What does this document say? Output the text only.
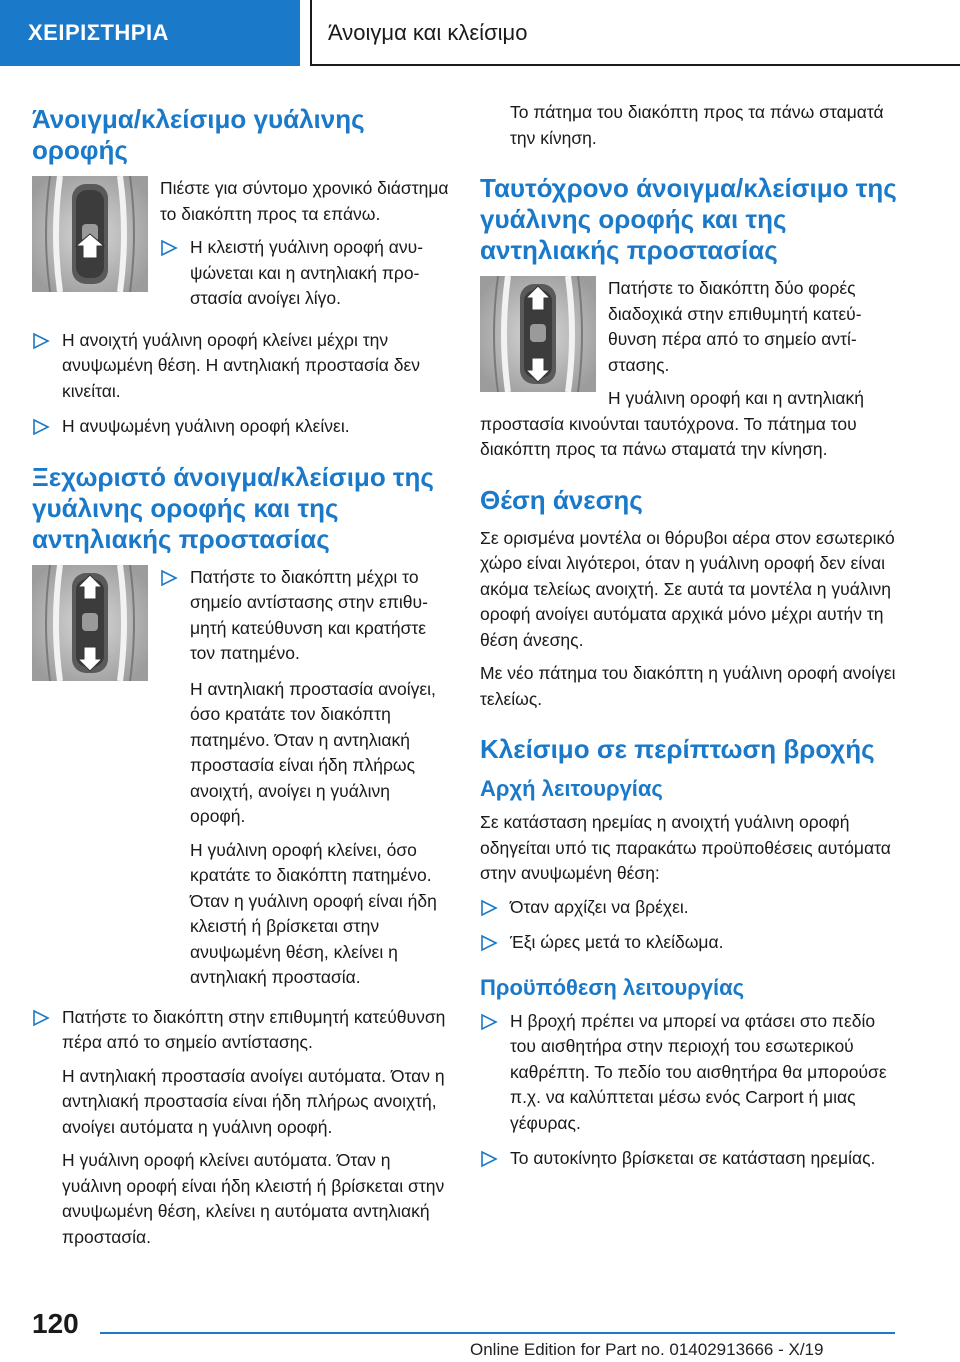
ΧΕΙΡΙΣΤΗΡΙΑ	Άνοιγμα και κλείσιμο
Άνοιγμα/κλείσιμο γυάλινης οροφής

Πιέστε για σύντομο χρονικό διάστημα το διακόπτη προς τα επάνω.

Η κλειστή γυάλινη οροφή ανυψώνεται και η αντηλιακή προστασία ανοίγει λίγο.

Η ανοιχτή γυάλινη οροφή κλείνει μέχρι την ανυψωμένη θέση. Η αντηλιακή προστασία δεν κινείται.

Η ανυψωμένη γυάλινη οροφή κλείνει.

Ξεχωριστό άνοιγμα/κλείσιμο της γυάλινης οροφής και της αντηλιακής προστασίας

Πατήστε το διακόπτη μέχρι το σημείο αντίστασης στην επιθυμητή κατεύθυνση και κρατήστε τον πατημένο.

Η αντηλιακή προστασία ανοίγει, όσο κρατάτε τον διακόπτη πατημένο. Όταν η αντηλιακή προστασία είναι ήδη πλήρως ανοιχτή, ανοίγει η γυάλινη οροφή.

Η γυάλινη οροφή κλείνει, όσο κρατάτε το διακόπτη πατημένο. Όταν η γυάλινη οροφή είναι ήδη κλειστή ή βρίσκεται στην ανυψωμένη θέση, κλείνει η αντηλιακή προστασία.

Πατήστε το διακόπτη στην επιθυμητή κατεύθυνση πέρα από το σημείο αντίστασης.

Η αντηλιακή προστασία ανοίγει αυτόματα. Όταν η αντηλιακή προστασία είναι ήδη πλήρως ανοιχτή, ανοίγει αυτόματα η γυάλινη οροφή.

Η γυάλινη οροφή κλείνει αυτόματα. Όταν η γυάλινη οροφή είναι ήδη κλειστή ή βρίσκεται στην ανυψωμένη θέση, κλείνει η αυτόματα αντηλιακή προστασία.

Το πάτημα του διακόπτη προς τα πάνω σταματά την κίνηση.

Ταυτόχρονο άνοιγμα/κλείσιμο της γυάλινης οροφής και της αντηλιακής προστασίας

Πατήστε το διακόπτη δύο φορές διαδοχικά στην επιθυμητή κατεύθυνση πέρα από το σημείο αντίστασης.

Η γυάλινη οροφή και η αντηλιακή

προστασία κινούνται ταυτόχρονα. Το πάτημα του διακόπτη προς τα πάνω σταματά την κίνηση.

Θέση άνεσης

Σε ορισμένα μοντέλα οι θόρυβοι αέρα στον εσωτερικό χώρο είναι λιγότεροι, όταν η γυάλινη οροφή δεν είναι ακόμα τελείως ανοιχτή. Σε αυτά τα μοντέλα η γυάλινη οροφή ανοίγει αυτόματα αρχικά μόνο μέχρι αυτήν τη θέση άνεσης.

Με νέο πάτημα του διακόπτη η γυάλινη οροφή ανοίγει τελείως.

Κλείσιμο σε περίπτωση βροχής
Αρχή λειτουργίας

Σε κατάσταση ηρεμίας η ανοιχτή γυάλινη οροφή οδηγείται υπό τις παρακάτω προϋποθέσεις αυτόματα στην ανυψωμένη θέση:

Όταν αρχίζει να βρέχει.

Έξι ώρες μετά το κλείδωμα.

Προϋπόθεση λειτουργίας

Η βροχή πρέπει να μπορεί να φτάσει στο πεδίο του αισθητήρα στην περιοχή του εσωτερικού καθρέπτη. Το πεδίο του αισθητήρα θα μπορούσε π.χ. να καλύπτεται μέσω ενός Carport ή μιας γέφυρας.

Το αυτοκίνητο βρίσκεται σε κατάσταση ηρεμίας.

120
Online Edition for Part no. 01402913666 - X/19
